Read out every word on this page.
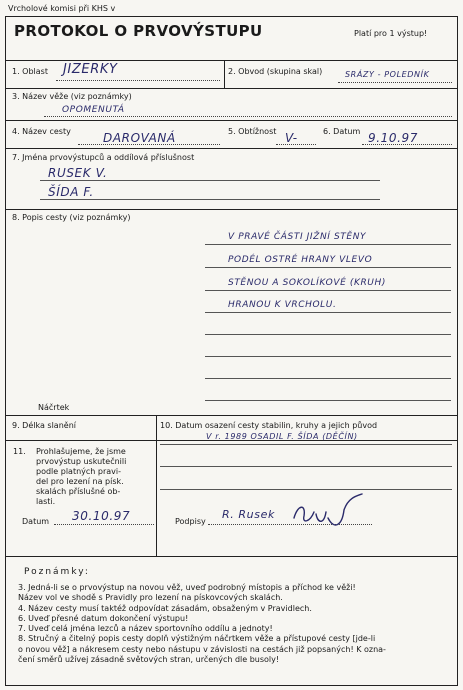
Vrcholové komisi při KHS v
PROTOKOL O PRVOVÝSTUPU	Platí pro 1 výstup!
1. Oblast JIZERKY	2. Obvod (skupina skal)	SRÁZY - POLEDNÍK
3. Název věže (viz poznámky)
OPOMENUTÁ
4. Název cesty	DAROVANÁ	5. Obtížnost V-	6. Datum 9.10.97
7. Jména prvovýstupců a oddílová příslušnost
RUSEK V.
ŠÍDA F.
8. Popis cesty (viz poznámky)
V PRAVÉ ČÁSTI JIŽNÍ STĚNY
PODÉL OSTRÉ HRANY VLEVO
STĚNOU A SOKOLÍKOVÉ (KRUH)
HRANOU K VRCHOLU.
Náčrtek
9. Délka slanění	10. Datum osazení cesty stabilin, kruhy a jejich původ
V r. 1989 OSADIL F. ŠÍDA (DĚČÍN)
11. Prohlašujeme, že jsme
prvovýstup uskutečnili
podle platných pravi-
del pro lezení na písk.
skalách příslušné ob-
lasti.
Datum 30.10.97	Podpisy
R. Rusek
Poznámky:
3. Jedná-li se o prvovýstup na novou věž, uveď podrobný místopis a příchod ke věži!
Název vol ve shodě s Pravidly pro lezení na pískovcových skalách.
4. Název cesty musí taktéž odpovídat zásadám, obsaženým v Pravidlech.
6. Uveď přesné datum dokončení výstupu!
7. Uveď celá jména lezců a název sportovního oddílu a jednoty!
8. Stručný a čitelný popis cesty doplň výstižným náčrtkem věže a přístupové cesty [jde-li
o novou věž] a nákresem cesty nebo nástupu v závislosti na cestách již popsaných! K ozna-
čení směrů užívej zásadně světových stran, určených dle busoly!
